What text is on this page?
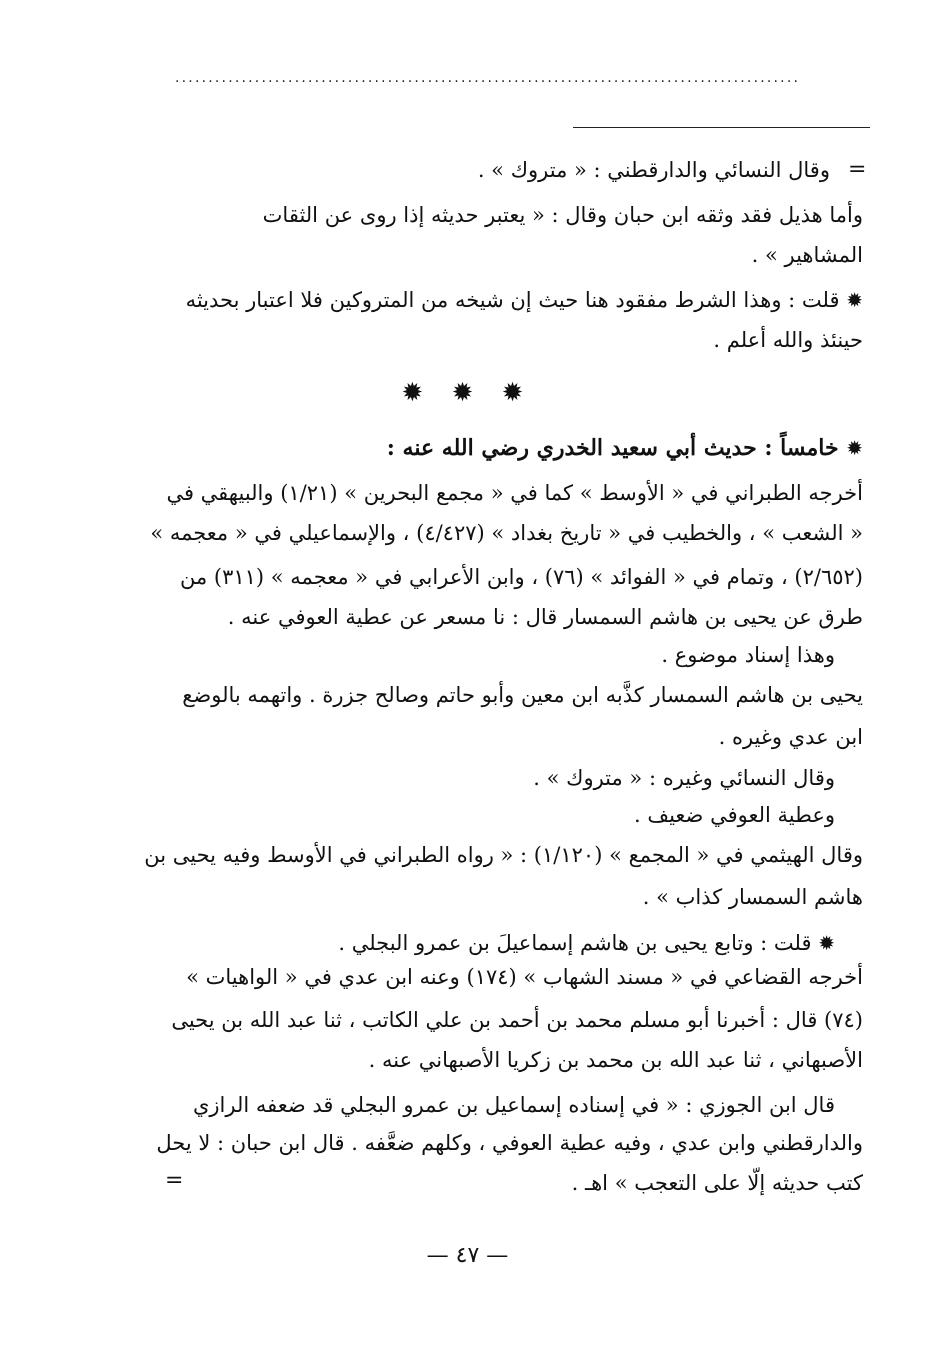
..............................................................................................
=
وقال النسائي والدارقطني : « متروك » .
وأما هذيل فقد وثقه ابن حبان وقال : « يعتبر حديثه إذا روى عن الثقات
المشاهير » .
✹ قلت : وهذا الشرط مفقود هنا حيث إن شيخه من المتروكين فلا اعتبار بحديثه
حينئذ والله أعلم .
✹ ✹ ✹
✹ خامساً : حديث أبي سعيد الخدري رضي الله عنه :
أخرجه الطبراني في « الأوسط » كما في « مجمع البحرين » (١/٢١) والبيهقي في
« الشعب » ، والخطيب في « تاريخ بغداد » (٤/٤٢٧) ، والإسماعيلي في « معجمه »
(٢/٦٥٢) ، وتمام في « الفوائد » (٧٦) ، وابن الأعرابي في « معجمه » (٣١١) من
طرق عن يحيى بن هاشم السمسار قال : نا مسعر عن عطية العوفي عنه .
وهذا إسناد موضوع .
يحيى بن هاشم السمسار كذَّبه ابن معين وأبو حاتم وصالح جزرة . واتهمه بالوضع
ابن عدي وغيره .
وقال النسائي وغيره : « متروك » .
وعطية العوفي ضعيف .
وقال الهيثمي في « المجمع » (١/١٢٠) : « رواه الطبراني في الأوسط وفيه يحيى بن
هاشم السمسار كذاب » .
✹ قلت : وتابع يحيى بن هاشم إسماعيلَ بن عمرو البجلي .
أخرجه القضاعي في « مسند الشهاب » (١٧٤) وعنه ابن عدي في « الواهيات »
(٧٤) قال : أخبرنا أبو مسلم محمد بن أحمد بن علي الكاتب ، ثنا عبد الله بن يحيى
الأصبهاني ، ثنا عبد الله بن محمد بن زكريا الأصبهاني عنه .
قال ابن الجوزي : « في إسناده إسماعيل بن عمرو البجلي قد ضعفه الرازي
والدارقطني وابن عدي ، وفيه عطية العوفي ، وكلهم ضعَّفه . قال ابن حبان : لا يحل
كتب حديثه إلّا على التعجب » اهـ .
=
— ٤٧ —
